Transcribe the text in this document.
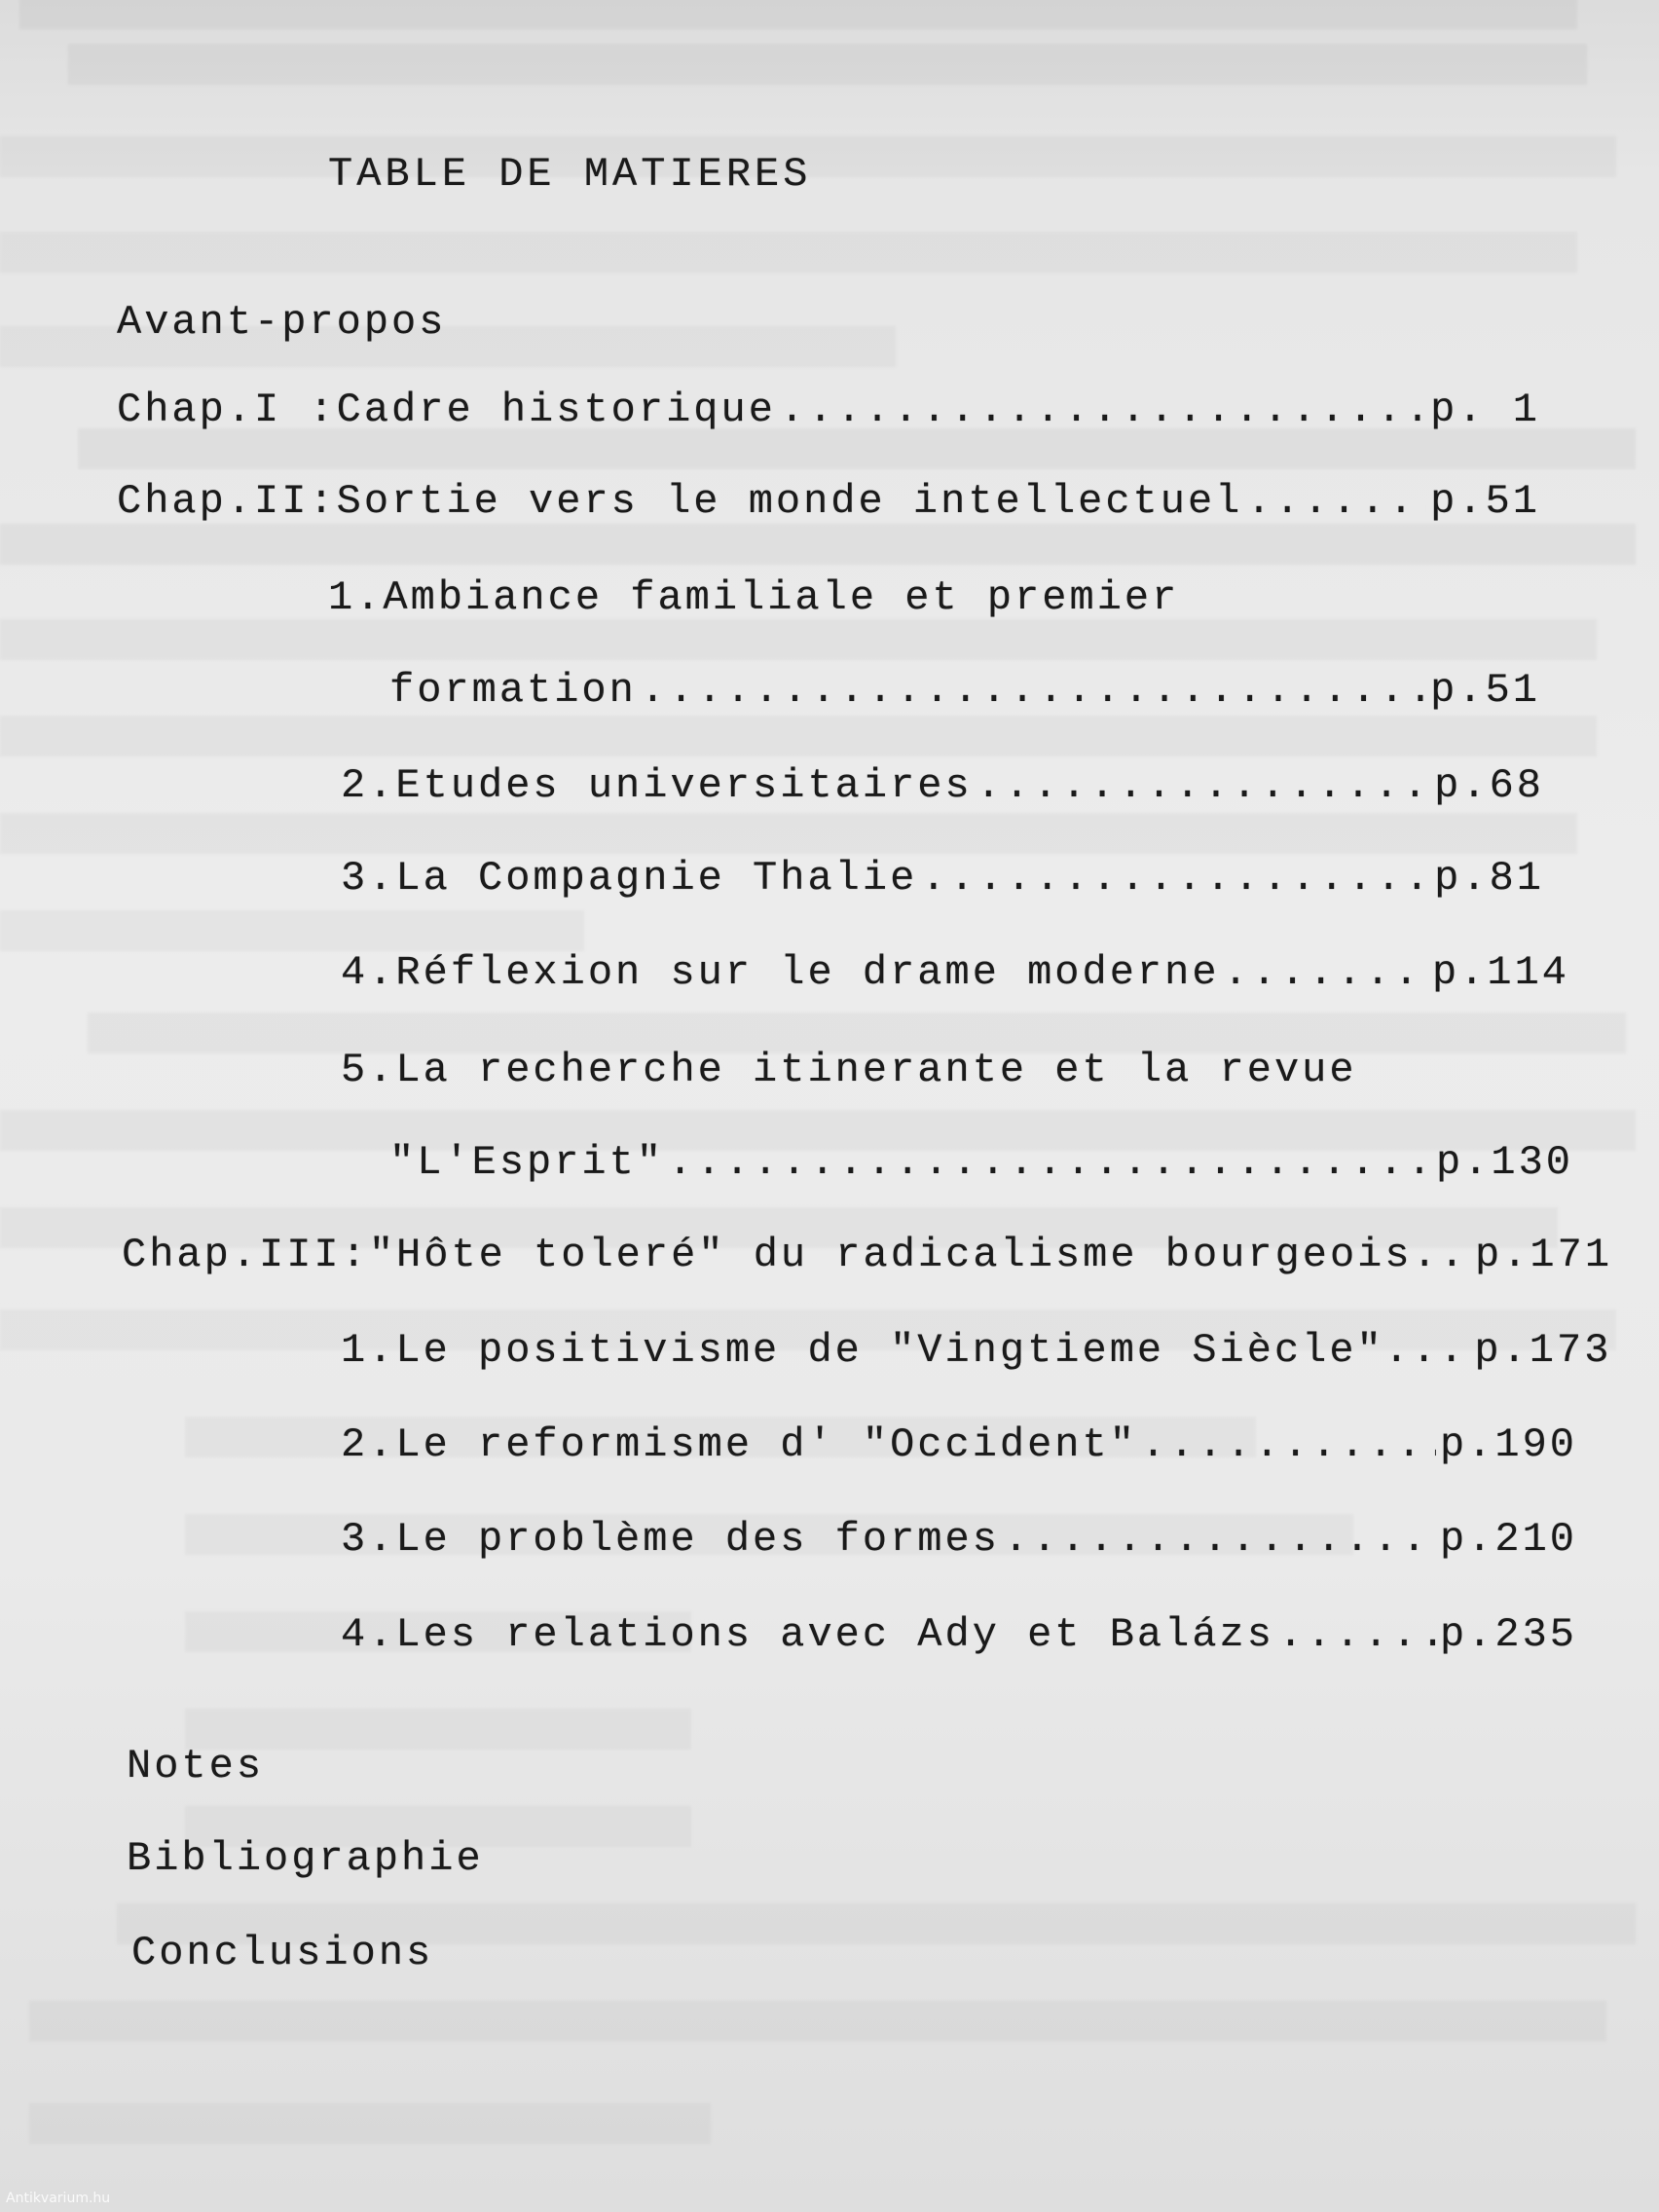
TABLE DE MATIERES
Avant-propos
Chap.I :Cadre historique .....	p. 1
Chap.II:Sortie vers le monde intellectuel .....	p.51
1.Ambiance familiale et premier
formation .....	p.51
2.Etudes universitaires .....	p.68
3.La Compagnie Thalie .....	p.81
4.Réflexion sur le drame moderne .....	p.114
5.La recherche itinerante et la revue
"L'Esprit" .....	p.130
Chap.III:"Hôte toleré" du radicalisme bourgeois.. p.171
1.Le positivisme de "Vingtieme Siècle"... p.173
2.Le reformisme d' "Occident" .....	p.190
3.Le problème des formes .....	p.210
4.Les relations avec Ady et Balázs .....	p.235
Notes
Bibliographie
Conclusions
Antikvarium.hu
